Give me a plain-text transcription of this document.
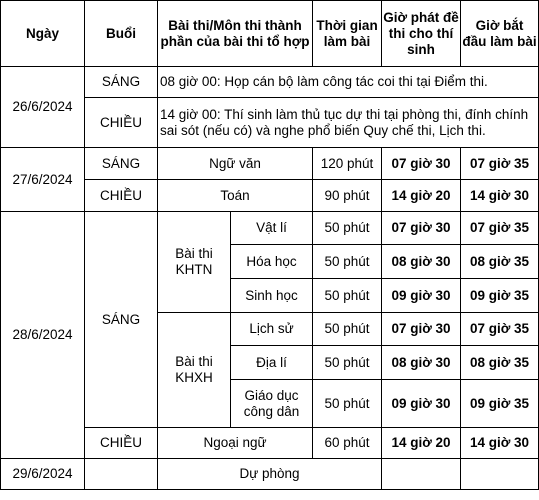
Ngày	Buổi	Bài thi/Môn thi thành phần của bài thi tổ hợp		Thời gian làm bài	Giờ phát đề thi cho thí sinh	Giờ bắt đầu làm bài
26/6/2024	SÁNG	08 giờ 00: Họp cán bộ làm công tác coi thi tại Điểm thi.				
	CHIỀU	14 giờ 00: Thí sinh làm thủ tục dự thi tại phòng thi, đính chính sai sót (nếu có) và nghe phổ biến Quy chế thi, Lịch thi.				
27/6/2024	SÁNG	Ngữ văn		120 phút	07 giờ 30	07 giờ 35
	CHIỀU	Toán		90 phút	14 giờ 20	14 giờ 30
28/6/2024	SÁNG	Bài thi KHTN	Vật lí	50 phút	07 giờ 30	07 giờ 35
			Hóa học	50 phút	08 giờ 30	08 giờ 35
			Sinh học	50 phút	09 giờ 30	09 giờ 35
		Bài thi KHXH	Lịch sử	50 phút	07 giờ 30	07 giờ 35
			Địa lí	50 phút	08 giờ 30	08 giờ 35
			Giáo dục công dân	50 phút	09 giờ 30	09 giờ 35
	CHIỀU	Ngoại ngữ		60 phút	14 giờ 20	14 giờ 30
29/6/2024		Dự phòng				
